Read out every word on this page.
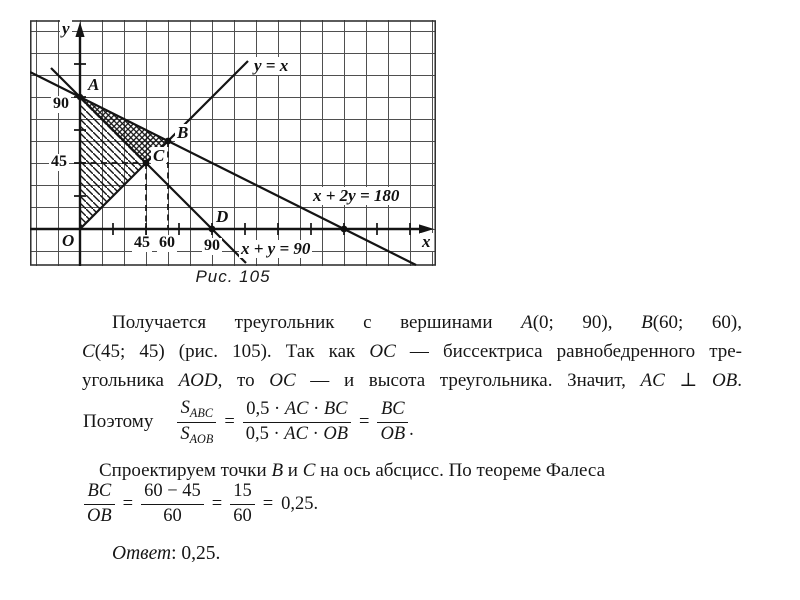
y
x
O
A
B
C
D
90
45
45 60 90
y = x
x + 2y = 180
x + y = 90
Рис. 105
Получается треугольник с вершинами A(0; 90), B(60; 60),
C(45; 45) (рис. 105). Так как OC — биссектриса равнобедренного тре-
угольника AOD, то OC — и высота треугольника. Значит, AC ⊥ OB.
Поэтому $\frac{S_{ABC}}{S_{AOB}} = \frac{0,5 \cdot AC \cdot BC}{0,5 \cdot AC \cdot OB} = \frac{BC}{OB}$ .
Спроектируем точки B и C на ось абсцисс. По теореме Фалеса
$\frac{BC}{OB} = \frac{60 - 45}{60} = \frac{15}{60} = 0,25$.
Ответ: 0,25.
